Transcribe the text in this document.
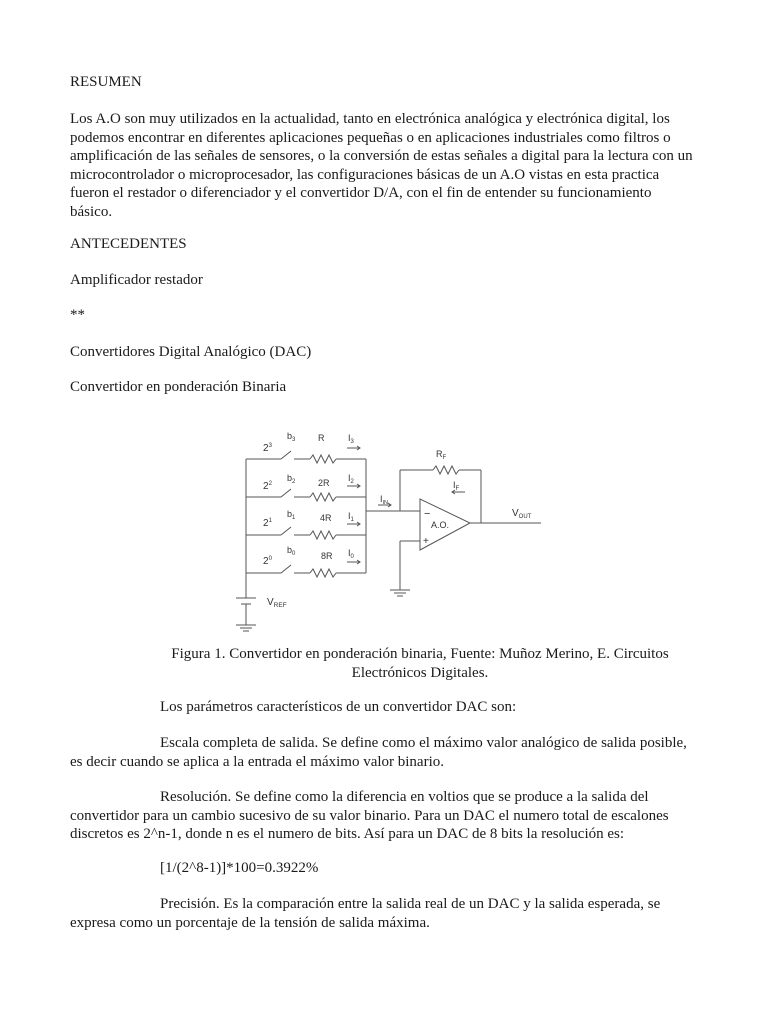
RESUMEN

Los A.O son muy utilizados en la actualidad, tanto en electrónica analógica y electrónica digital, los

podemos encontrar en diferentes aplicaciones pequeñas o en aplicaciones industriales como filtros o

amplificación de las señales de sensores, o la conversión de estas señales a digital para la lectura con un

microcontrolador o microprocesador, las configuraciones básicas de un A.O vistas en esta practica

fueron el restador o diferenciador y el convertidor D/A, con el fin de entender su funcionamiento

básico.

ANTECEDENTES

Amplificador restador

**

Convertidores Digital Analógico (DAC)

Convertidor en ponderación Binaria

$2^3$
$b_3$	R	$I_3$
$2^2$
$b_2$	2R $I_2$
$2^1$
$b_1$	4R $I_1$
$2^0$
$b_0$	8R $I_0$
$R_F$
$I_F$
$I_{IN}$
−
+
A.O.
$V_{OUT}$
$V_{REF}$

Figura 1. Convertidor en ponderación binaria, Fuente: Muñoz Merino, E. Circuitos

Electrónicos Digitales.

Los parámetros característicos de un convertidor DAC son:

Escala completa de salida. Se define como el máximo valor analógico de salida posible,

es decir cuando se aplica a la entrada el máximo valor binario.

Resolución. Se define como la diferencia en voltios que se produce a la salida del

convertidor para un cambio sucesivo de su valor binario. Para un DAC el numero total de escalones

discretos es 2^n-1, donde n es el numero de bits. Así para un DAC de 8 bits la resolución es:

[1/(2^8-1)]*100=0.3922%

Precisión. Es la comparación entre la salida real de un DAC y la salida esperada, se

expresa como un porcentaje de la tensión de salida máxima.
